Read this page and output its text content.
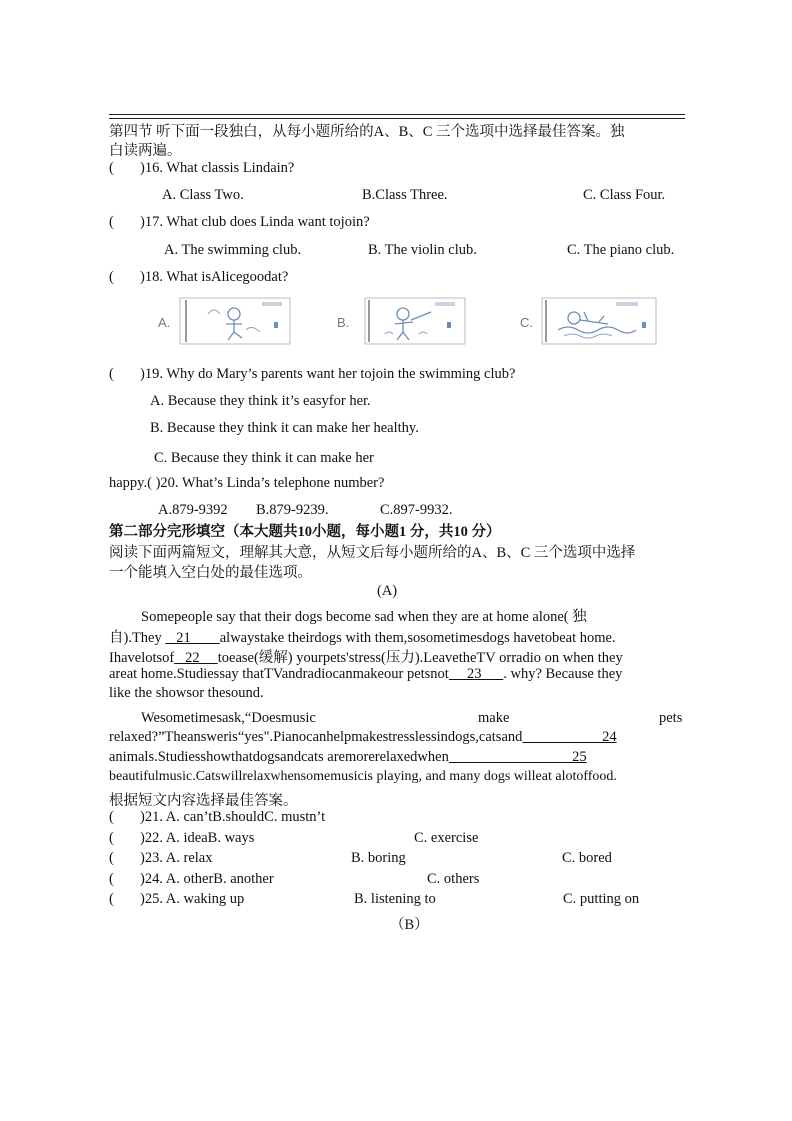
第四节 听下面一段独白，从每小题所给的A、B、C 三个选项中选择最佳答案。独
白读两遍。
( )16. What classis Lindain?
A. Class Two.	B.Class Three.	C. Class Four.
( )17. What club does Linda want tojoin?
A. The swimming club.	B. The violin club.	C. The piano club.
( )18. What isAlicegoodat?
A.	B.	C.
( )19. Why do Mary’s parents want her tojoin the swimming club?
A. Because they think it’s easyfor her.
B. Because they think it can make her healthy.
C. Because they think it can make her
happy.( )20. What’s Linda’s telephone number?
A.879-9392 B.879-9239.	C.897-9932.
第二部分完形填空（本大题共10小题，每小题1 分，共10 分）
阅读下面两篇短文，理解其大意，从短文后每小题所给的A、B、C 三个选项中选择
一个能填入空白处的最佳选项。
(A)
Somepeople say that their dogs become sad when they are at home alone( 独
自).They    21        alwaystake theirdogs with them,sosometimesdogs havetobeat home.
Ihavelotsof   22     toease(缓解) yourpets'stress(压力).LeavetheTV orradio on when they
areat home.Studiessay thatTVandradiocanmakeour petsnot     23      . why? Because they
like the showsor thesound.
Wesometimesask,“Doesmusic	make	pets
relaxed?”Theansweris“yes".Pianocanhelpmakestresslessindogs,catsand                      24
animals.Studiesshowthatdogsandcats aremorerelaxedwhen                                  25
beautifulmusic.Catswillrelaxwhensomemusicis playing, and many dogs willeat alotoffood.
根据短文内容选择最佳答案。
( )21. A. can’tB.shouldC. mustn’t
( )22. A. ideaB. ways	C. exercise
( )23. A. relax	B. boring	C. bored
( )24. A. otherB. another	C. others
( )25. A. waking up	B. listening to	C. putting on
（B）
